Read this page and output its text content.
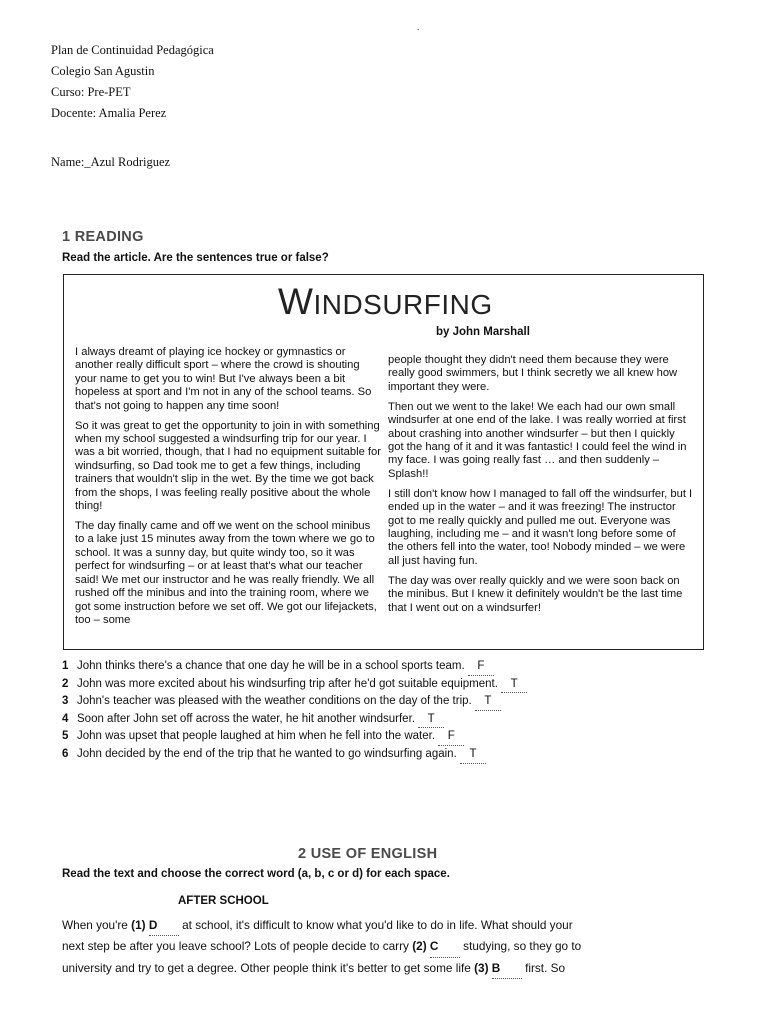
.
Plan de Continuidad Pedagógica
Colegio San Agustin
Curso: Pre-PET
Docente: Amalia Perez
Name:_Azul Rodriguez
1 READING
Read the article. Are the sentences true or false?
WINDSURFING
by John Marshall

I always dreamt of playing ice hockey or gymnastics or another really difficult sport – where the crowd is shouting your name to get you to win! But I've always been a bit hopeless at sport and I'm not in any of the school teams. So that's not going to happen any time soon!

So it was great to get the opportunity to join in with something when my school suggested a windsurfing trip for our year. I was a bit worried, though, that I had no equipment suitable for windsurfing, so Dad took me to get a few things, including trainers that wouldn't slip in the wet. By the time we got back from the shops, I was feeling really positive about the whole thing!

The day finally came and off we went on the school minibus to a lake just 15 minutes away from the town where we go to school. It was a sunny day, but quite windy too, so it was perfect for windsurfing – or at least that's what our teacher said! We met our instructor and he was really friendly. We all rushed off the minibus and into the training room, where we got some instruction before we set off. We got our lifejackets, too – some

people thought they didn't need them because they were really good swimmers, but I think secretly we all knew how important they were.

Then out we went to the lake! We each had our own small windsurfer at one end of the lake. I was really worried at first about crashing into another windsurfer – but then I quickly got the hang of it and it was fantastic! I could feel the wind in my face. I was going really fast … and then suddenly – Splash!!

I still don't know how I managed to fall off the windsurfer, but I ended up in the water – and it was freezing! The instructor got to me really quickly and pulled me out. Everyone was laughing, including me – and it wasn't long before some of the others fell into the water, too! Nobody minded – we were all just having fun.

The day was over really quickly and we were soon back on the minibus. But I knew it definitely wouldn't be the last time that I went out on a windsurfer!

1 John thinks there's a chance that one day he will be in a school sports team. F
2 John was more excited about his windsurfing trip after he'd got suitable equipment. T
3 John's teacher was pleased with the weather conditions on the day of the trip. T
4 Soon after John set off across the water, he hit another windsurfer. T
5 John was upset that people laughed at him when he fell into the water. F
6 John decided by the end of the trip that he wanted to go windsurfing again. T
2 USE OF ENGLISH
Read the text and choose the correct word (a, b, c or d) for each space.
AFTER SCHOOL
When you're (1) D at school, it's difficult to know what you'd like to do in life. What should your
next step be after you leave school? Lots of people decide to carry (2) C studying, so they go to
university and try to get a degree. Other people think it's better to get some life (3) B first. So
